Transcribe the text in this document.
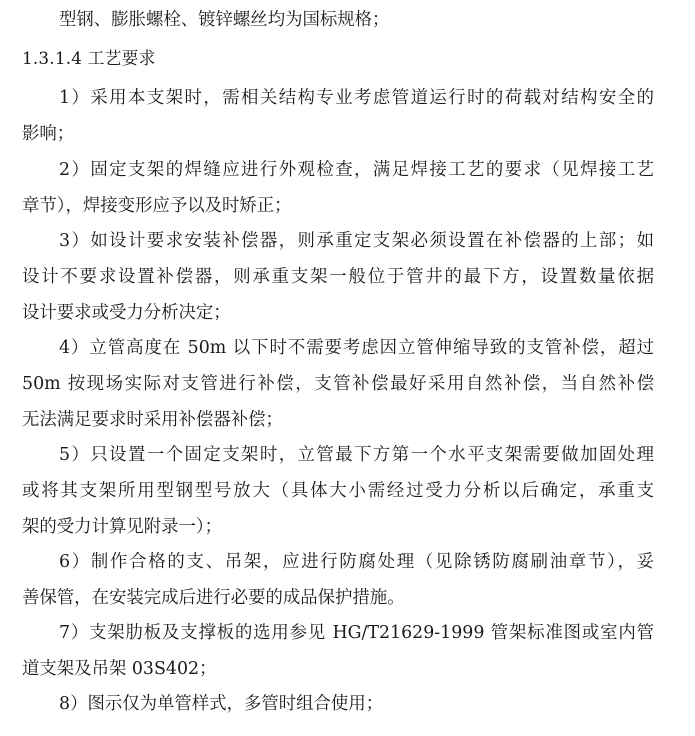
型钢、膨胀螺栓、镀锌螺丝均为国标规格；
1.3.1.4 工艺要求
1）采用本支架时，需相关结构专业考虑管道运行时的荷载对结构安全的
影响；
2）固定支架的焊缝应进行外观检查，满足焊接工艺的要求（见焊接工艺
章节），焊接变形应予以及时矫正；
3）如设计要求安装补偿器，则承重定支架必须设置在补偿器的上部；如
设计不要求设置补偿器，则承重支架一般位于管井的最下方，设置数量依据
设计要求或受力分析决定；
4）立管高度在 50m 以下时不需要考虑因立管伸缩导致的支管补偿，超过
50m 按现场实际对支管进行补偿，支管补偿最好采用自然补偿，当自然补偿
无法满足要求时采用补偿器补偿；
5）只设置一个固定支架时，立管最下方第一个水平支架需要做加固处理
或将其支架所用型钢型号放大（具体大小需经过受力分析以后确定，承重支
架的受力计算见附录一）；
6）制作合格的支、吊架，应进行防腐处理（见除锈防腐刷油章节），妥
善保管，在安装完成后进行必要的成品保护措施。
7）支架肋板及支撑板的选用参见 HG/T21629-1999 管架标准图或室内管
道支架及吊架 03S402；
8）图示仅为单管样式，多管时组合使用；
